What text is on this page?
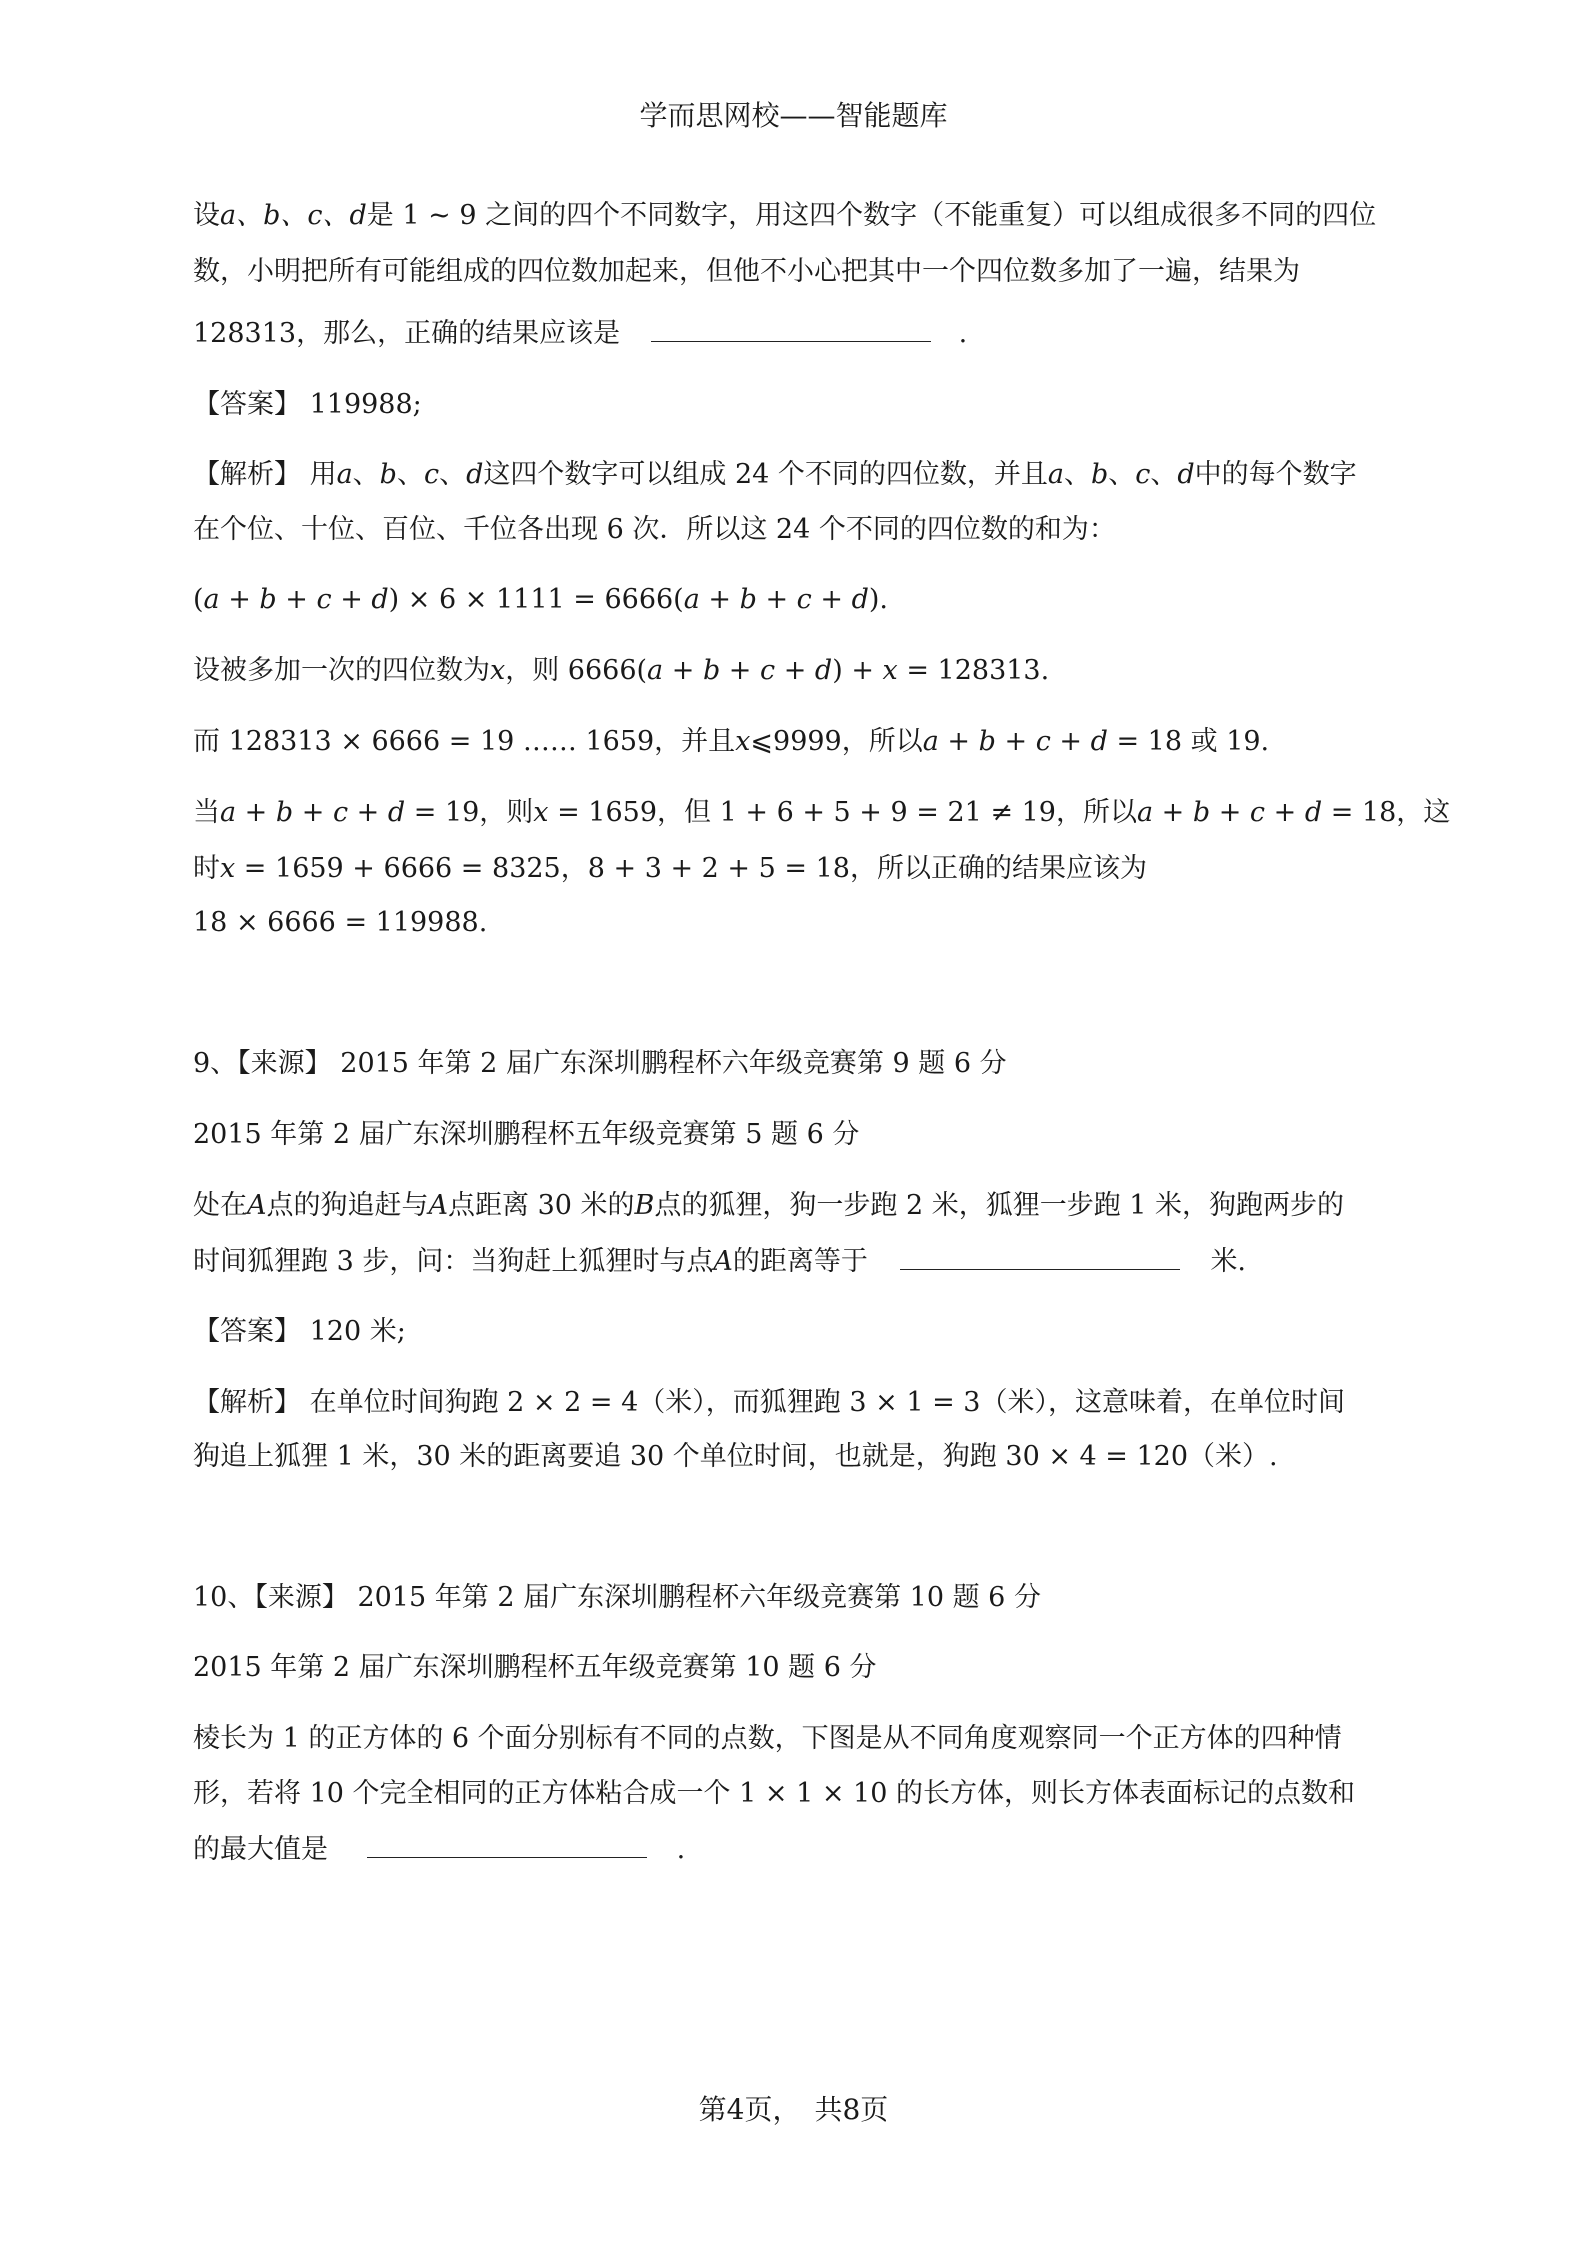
学而思网校——智能题库
设𝑎、𝑏、𝑐、𝑑是 1 ~ 9 之间的四个不同数字，用这四个数字（不能重复）可以组成很多不同的四位
数，小明把所有可能组成的四位数加起来，但他不小心把其中一个四位数多加了一遍，结果为
128313，那么，正确的结果应该是	.
【答案】 119988;
【解析】 用𝑎、𝑏、𝑐、𝑑这四个数字可以组成 24 个不同的四位数，并且𝑎、𝑏、𝑐、𝑑中的每个数字
在个位、十位、百位、千位各出现 6 次．所以这 24 个不同的四位数的和为：
(𝑎 + 𝑏 + 𝑐 + 𝑑) × 6 × 1111 = 6666(𝑎 + 𝑏 + 𝑐 + 𝑑).
设被多加一次的四位数为𝑥，则 6666(𝑎 + 𝑏 + 𝑐 + 𝑑) + 𝑥 = 128313.
而 128313 × 6666 = 19 …… 1659，并且𝑥⩽9999，所以𝑎 + 𝑏 + 𝑐 + 𝑑 = 18 或 19.
当𝑎 + 𝑏 + 𝑐 + 𝑑 = 19，则𝑥 = 1659，但 1 + 6 + 5 + 9 = 21 ≠ 19，所以𝑎 + 𝑏 + 𝑐 + 𝑑 = 18，这
时𝑥 = 1659 + 6666 = 8325，8 + 3 + 2 + 5 = 18，所以正确的结果应该为
18 × 6666 = 119988.
9、【来源】 2015 年第 2 届广东深圳鹏程杯六年级竞赛第 9 题 6 分
2015 年第 2 届广东深圳鹏程杯五年级竞赛第 5 题 6 分
处在𝐴点的狗追赶与𝐴点距离 30 米的𝐵点的狐狸，狗一步跑 2 米，狐狸一步跑 1 米，狗跑两步的
时间狐狸跑 3 步，问：当狗赶上狐狸时与点𝐴的距离等于	米.
【答案】 120 米;
【解析】 在单位时间狗跑 2 × 2 = 4（米），而狐狸跑 3 × 1 = 3（米），这意味着，在单位时间
狗追上狐狸 1 米，30 米的距离要追 30 个单位时间，也就是，狗跑 30 × 4 = 120（米）.
10、【来源】 2015 年第 2 届广东深圳鹏程杯六年级竞赛第 10 题 6 分
2015 年第 2 届广东深圳鹏程杯五年级竞赛第 10 题 6 分
棱长为 1 的正方体的 6 个面分别标有不同的点数，下图是从不同角度观察同一个正方体的四种情
形，若将 10 个完全相同的正方体粘合成一个 1 × 1 × 10 的长方体，则长方体表面标记的点数和
的最大值是	.
第4页，　共8页
